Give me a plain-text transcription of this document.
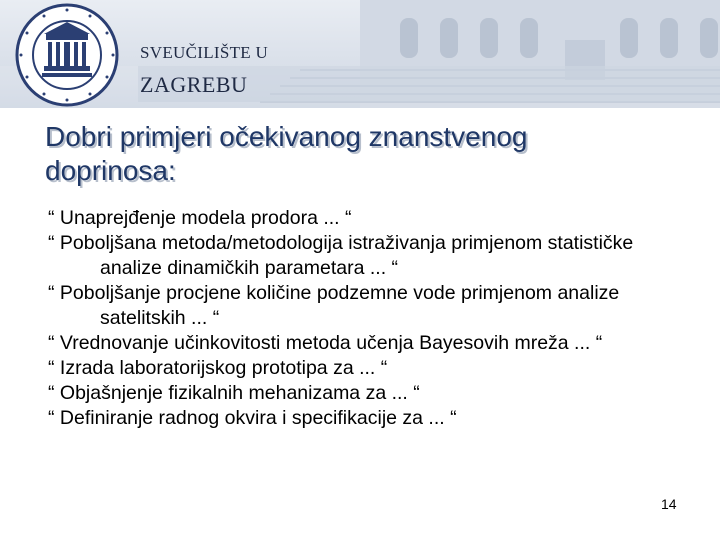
SVEUČILIŠTE U
ZAGREBU
Dobri primjeri očekivanog znanstvenog
doprinosa:
“ Unaprejđenje modela prodora ... “
“ Poboljšana metoda/metodologija istraživanja primjenom statističke analize dinamičkih parametara ... “
“ Poboljšanje procjene količine podzemne vode primjenom analize satelitskih ... “
“ Vrednovanje učinkovitosti metoda učenja Bayesovih mreža ... “
“ Izrada laboratorijskog prototipa za ... “
“ Objašnjenje fizikalnih mehanizama za ... “
“ Definiranje radnog okvira i specifikacije za ... “
14
